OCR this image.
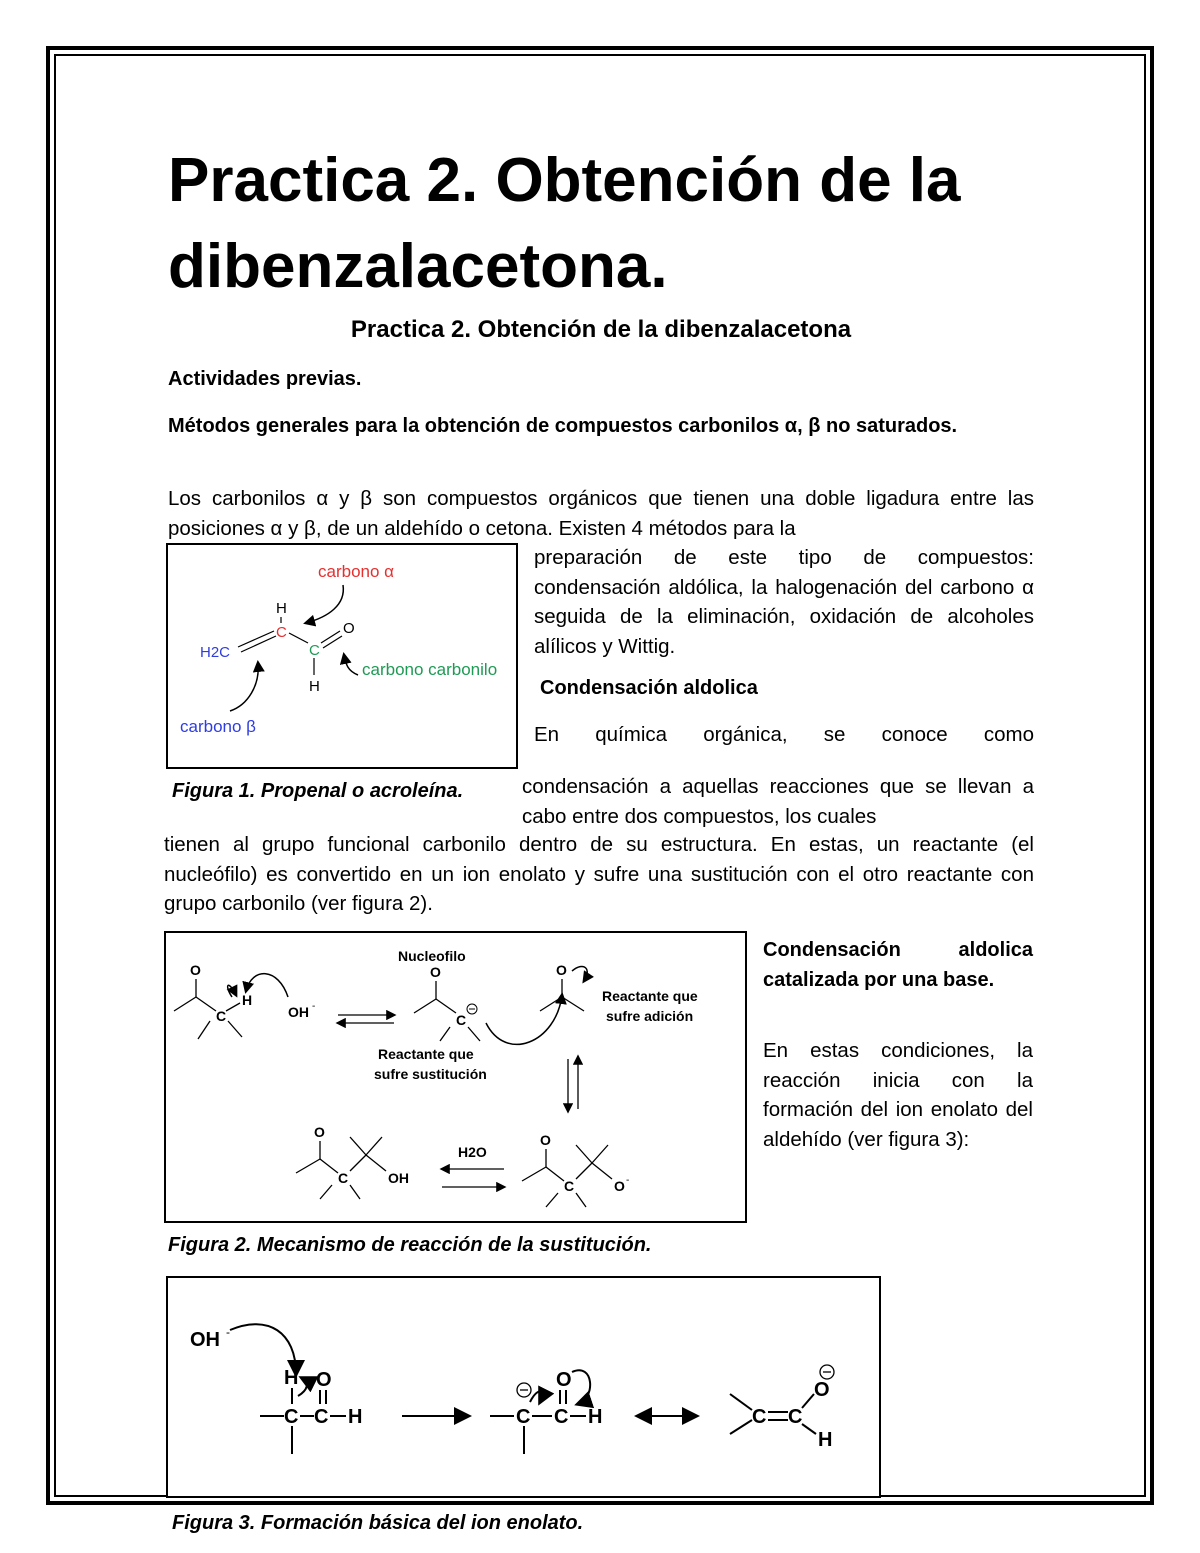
Practica 2. Obtención de la dibenzalacetona.
Practica 2. Obtención de la dibenzalacetona

Actividades previas.

Métodos generales para la obtención de compuestos carbonilos α, β no saturados.

Los carbonilos α y β son compuestos orgánicos que tienen una doble ligadura entre las posiciones α y β, de un aldehído o cetona. Existen 4 métodos para la

preparación de este tipo de compuestos: condensación aldólica, la halogenación del carbono α seguida de la eliminación, oxidación de alcoholes alílicos y Wittig.

carbono α
H
C
H2C	C
O
H
carbono carbonilo
carbono β

Figura 1. Propenal o acroleína.

Condensación aldolica

En química orgánica, se conoce como

condensación a aquellas reacciones que se llevan a cabo entre dos compuestos, los cuales

tienen al grupo funcional carbonilo dentro de su estructura. En estas, un reactante (el nucleófilo) es convertido en un ion enolato y sufre una sustitución con el otro reactante con grupo carbonilo (ver figura 2).

O
C
H
OH -
Nucleofilo
O
C
Reactante que
sufre sustitución
O
Reactante que
sufre adición
O
C	OH
H2O
O
C	O -

Figura 2. Mecanismo de reacción de la sustitución.

Condensación aldolica catalizada por una base.

En estas condiciones, la reacción inicia con la formación del ion enolato del aldehído (ver figura 3):

OH -
H O
C C H
O
C C H	C C
O
H

Figura 3. Formación básica del ion enolato.
